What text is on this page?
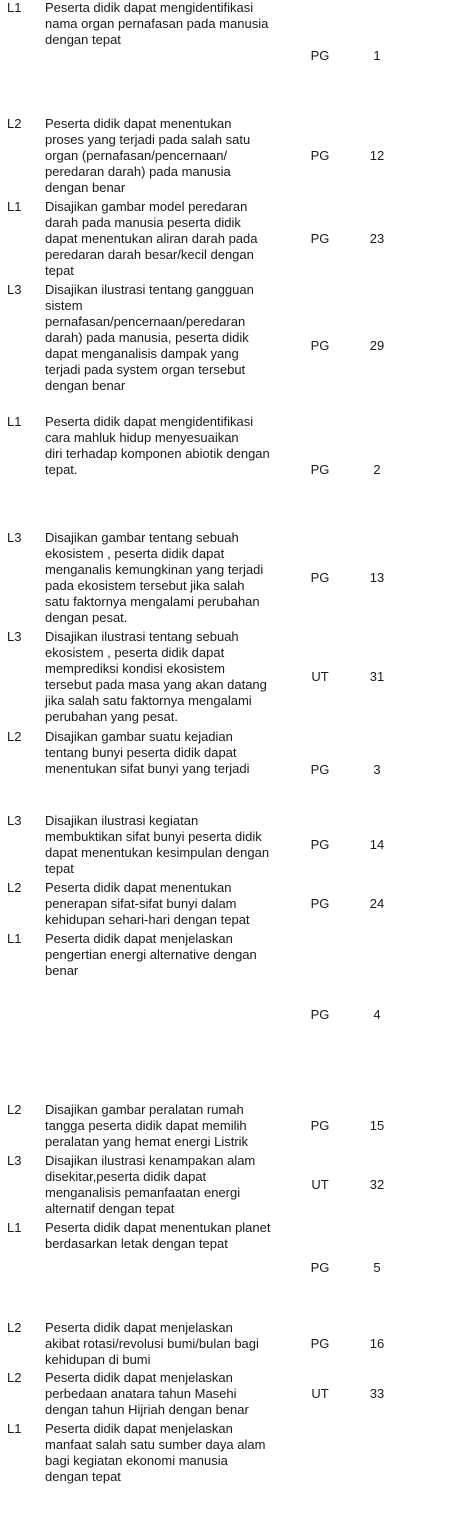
L1 Peserta didik dapat mengidentifikasi
nama organ pernafasan pada manusia
dengan tepat
PG	1
L2 Peserta didik dapat menentukan
proses yang terjadi pada salah satu
organ (pernafasan/pencernaan/
peredaran darah) pada manusia
dengan benar
PG	12
L1 Disajikan gambar model peredaran
darah pada manusia peserta didik
dapat menentukan aliran darah pada
peredaran darah besar/kecil dengan
tepat
PG	23
L3 Disajikan ilustrasi tentang gangguan
sistem
pernafasan/pencernaan/peredaran
darah) pada manusia, peserta didik
dapat menganalisis dampak yang
terjadi pada system organ tersebut
dengan benar
PG	29
L1 Peserta didik dapat mengidentifikasi
cara mahluk hidup menyesuaikan
diri terhadap komponen abiotik dengan
tepat.	PG	2
L3 Disajikan gambar tentang sebuah
ekosistem , peserta didik dapat
menganalis kemungkinan yang terjadi
pada ekosistem tersebut jika salah
satu faktornya mengalami perubahan
dengan pesat.
PG	13
L3 Disajikan ilustrasi tentang sebuah
ekosistem , peserta didik dapat
memprediksi kondisi ekosistem
tersebut pada masa yang akan datang
jika salah satu faktornya mengalami
perubahan yang pesat.
UT	31
L2 Disajikan gambar suatu kejadian
tentang bunyi peserta didik dapat
menentukan sifat bunyi yang terjadi	PG	3
L3 Disajikan ilustrasi kegiatan
membuktikan sifat bunyi peserta didik
dapat menentukan kesimpulan dengan
tepat
PG	14
L2 Peserta didik dapat menentukan
penerapan sifat-sifat bunyi dalam
kehidupan sehari-hari dengan tepat
PG	24
L1 Peserta didik dapat menjelaskan
pengertian energi alternative dengan
benar
PG	4
L2 Disajikan gambar peralatan rumah
tangga peserta didik dapat memilih
peralatan yang hemat energi Listrik
PG	15
L3 Disajikan ilustrasi kenampakan alam
disekitar,peserta didik dapat
menganalisis pemanfaatan energi
alternatif dengan tepat
UT	32
L1 Peserta didik dapat menentukan planet
berdasarkan letak dengan tepat
PG	5
L2 Peserta didik dapat menjelaskan
akibat rotasi/revolusi bumi/bulan bagi
kehidupan di bumi
PG	16
L2 Peserta didik dapat menjelaskan
perbedaan anatara tahun Masehi
dengan tahun Hijriah dengan benar
UT	33
L1 Peserta didik dapat menjelaskan
manfaat salah satu sumber daya alam
bagi kegiatan ekonomi manusia
dengan tepat
